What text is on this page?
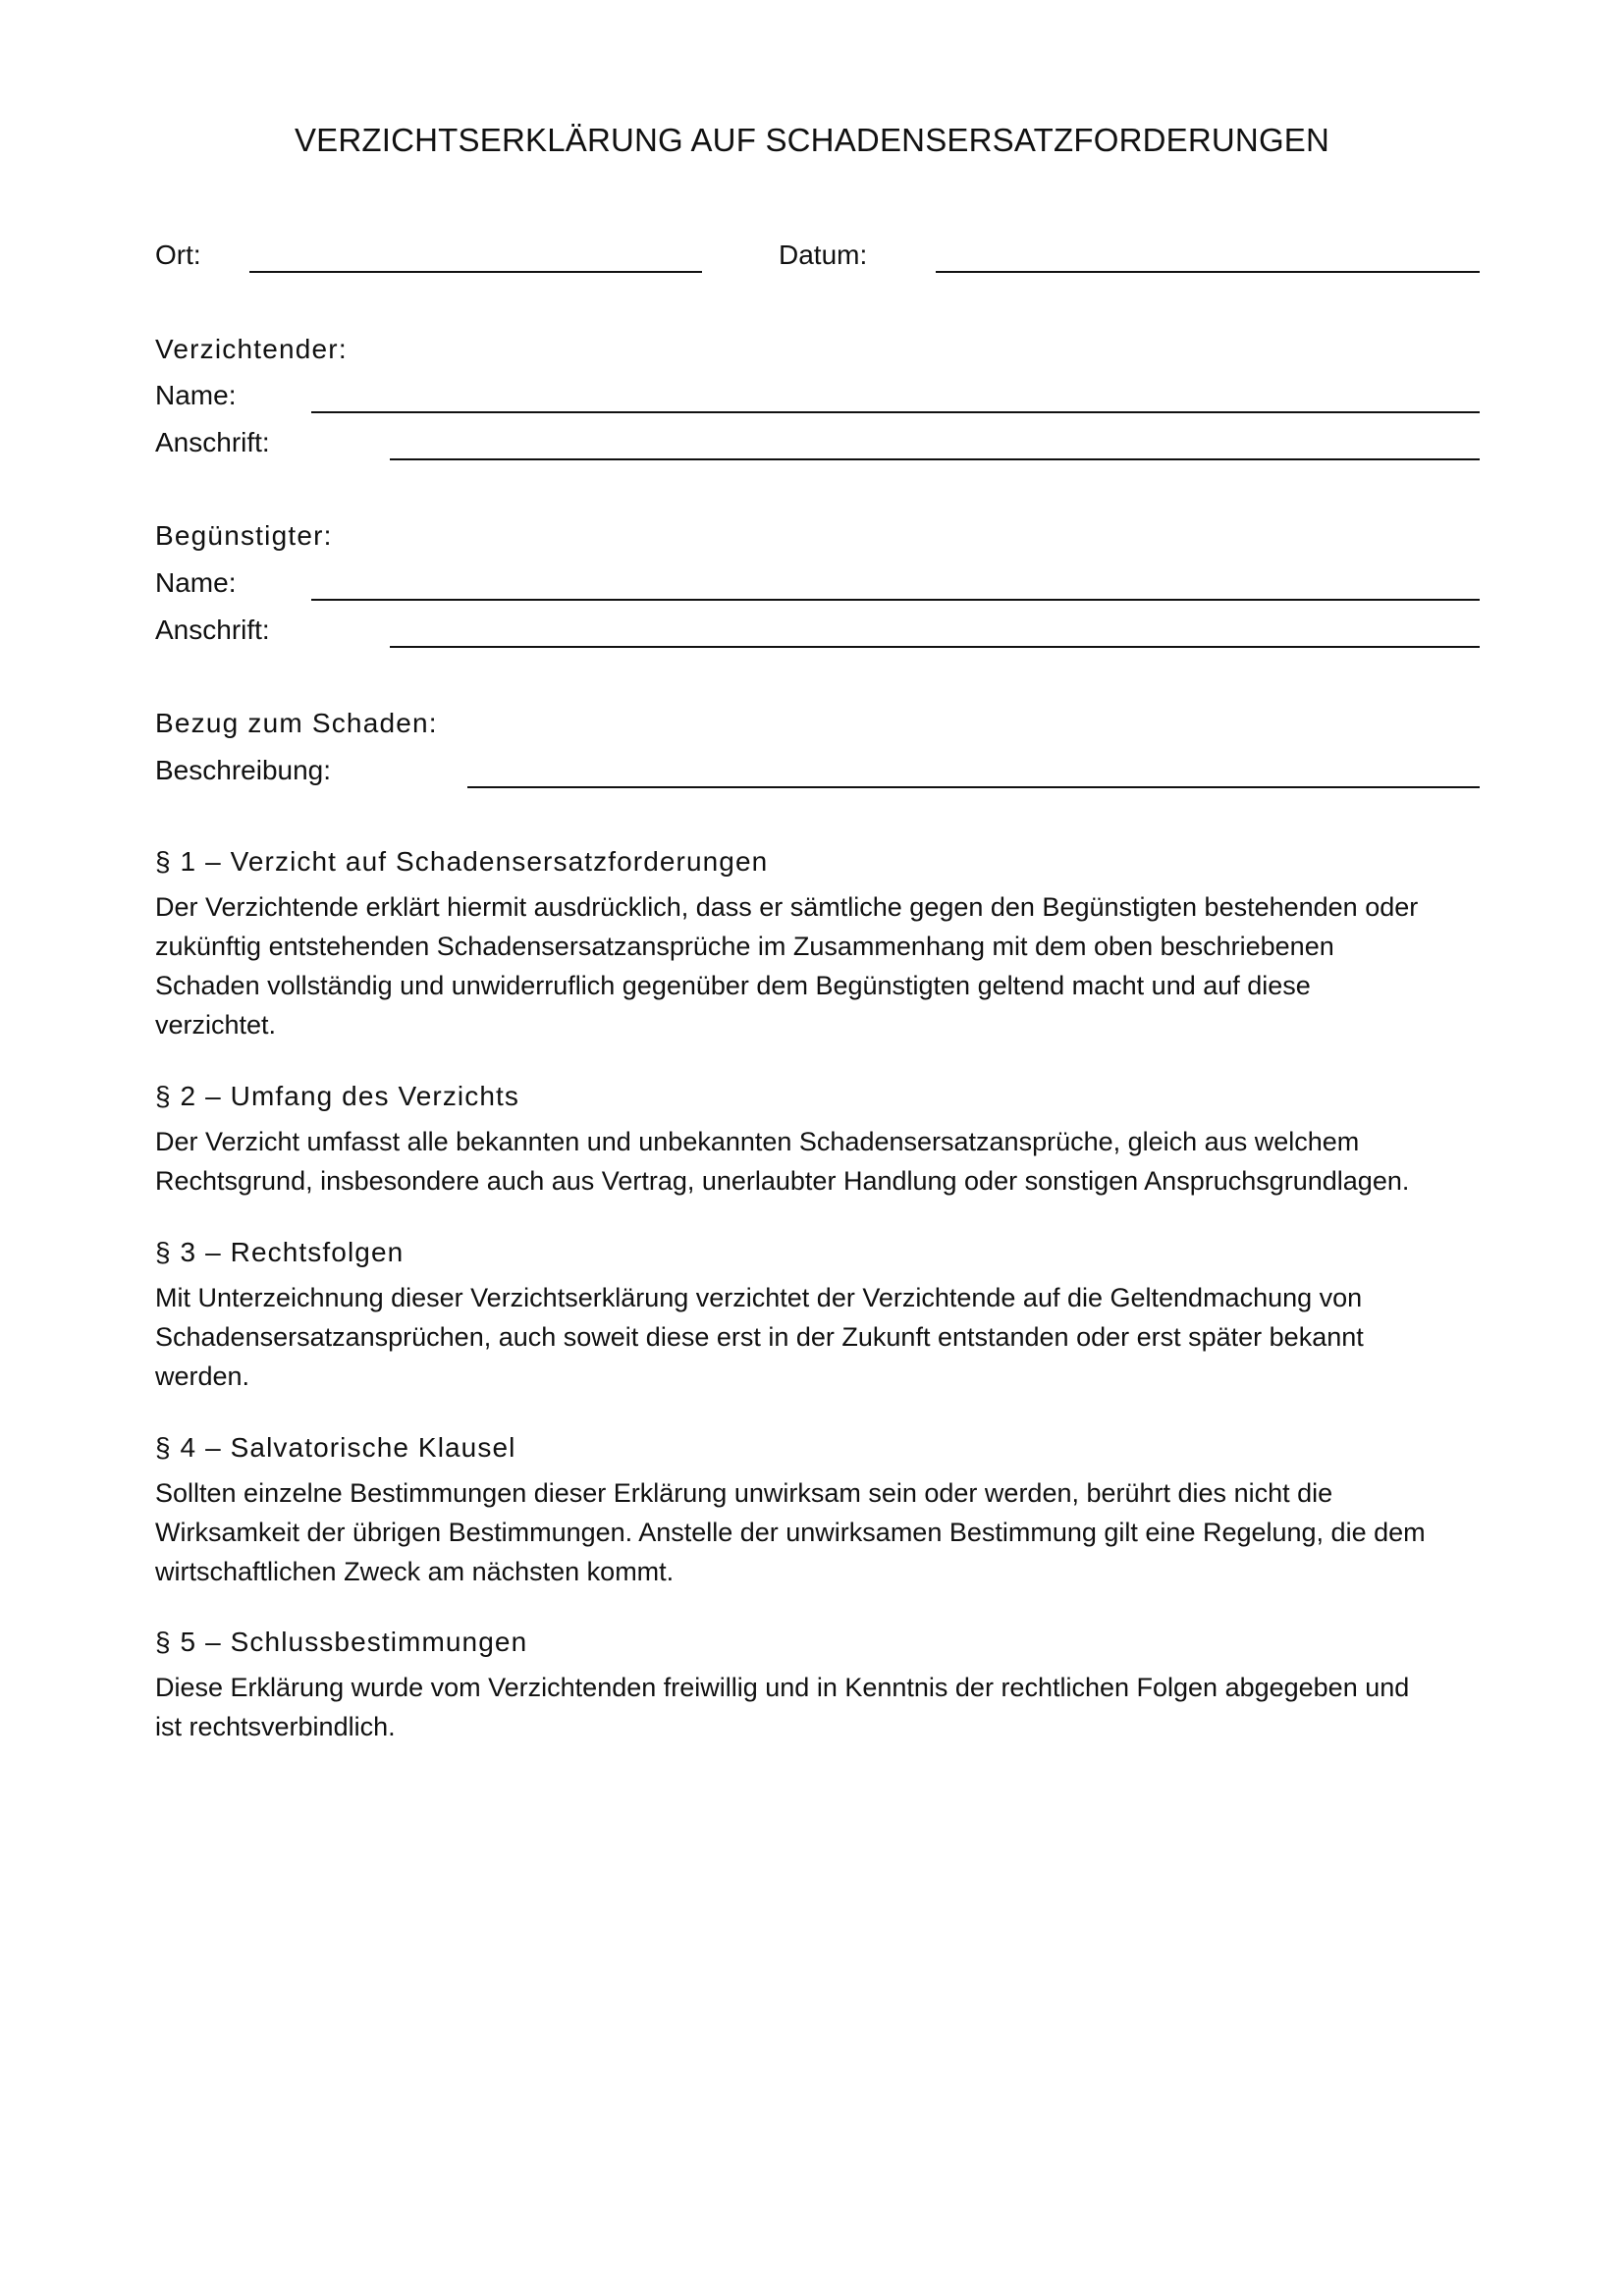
VERZICHTSERKLÄRUNG AUF SCHADENSERSATZFORDERUNGEN
Ort:	Datum:
Verzichtender:
Name:
Anschrift:
Begünstigter:
Name:
Anschrift:
Bezug zum Schaden:
Beschreibung:
§ 1 – Verzicht auf Schadensersatzforderungen
Der Verzichtende erklärt hiermit ausdrücklich, dass er sämtliche gegen den Begünstigten bestehenden oder
zukünftig entstehenden Schadensersatzansprüche im Zusammenhang mit dem oben beschriebenen
Schaden vollständig und unwiderruflich gegenüber dem Begünstigten geltend macht und auf diese
verzichtet.
§ 2 – Umfang des Verzichts
Der Verzicht umfasst alle bekannten und unbekannten Schadensersatzansprüche, gleich aus welchem
Rechtsgrund, insbesondere auch aus Vertrag, unerlaubter Handlung oder sonstigen Anspruchsgrundlagen.
§ 3 – Rechtsfolgen
Mit Unterzeichnung dieser Verzichtserklärung verzichtet der Verzichtende auf die Geltendmachung von
Schadensersatzansprüchen, auch soweit diese erst in der Zukunft entstanden oder erst später bekannt
werden.
§ 4 – Salvatorische Klausel
Sollten einzelne Bestimmungen dieser Erklärung unwirksam sein oder werden, berührt dies nicht die
Wirksamkeit der übrigen Bestimmungen. Anstelle der unwirksamen Bestimmung gilt eine Regelung, die dem
wirtschaftlichen Zweck am nächsten kommt.
§ 5 – Schlussbestimmungen
Diese Erklärung wurde vom Verzichtenden freiwillig und in Kenntnis der rechtlichen Folgen abgegeben und
ist rechtsverbindlich.
